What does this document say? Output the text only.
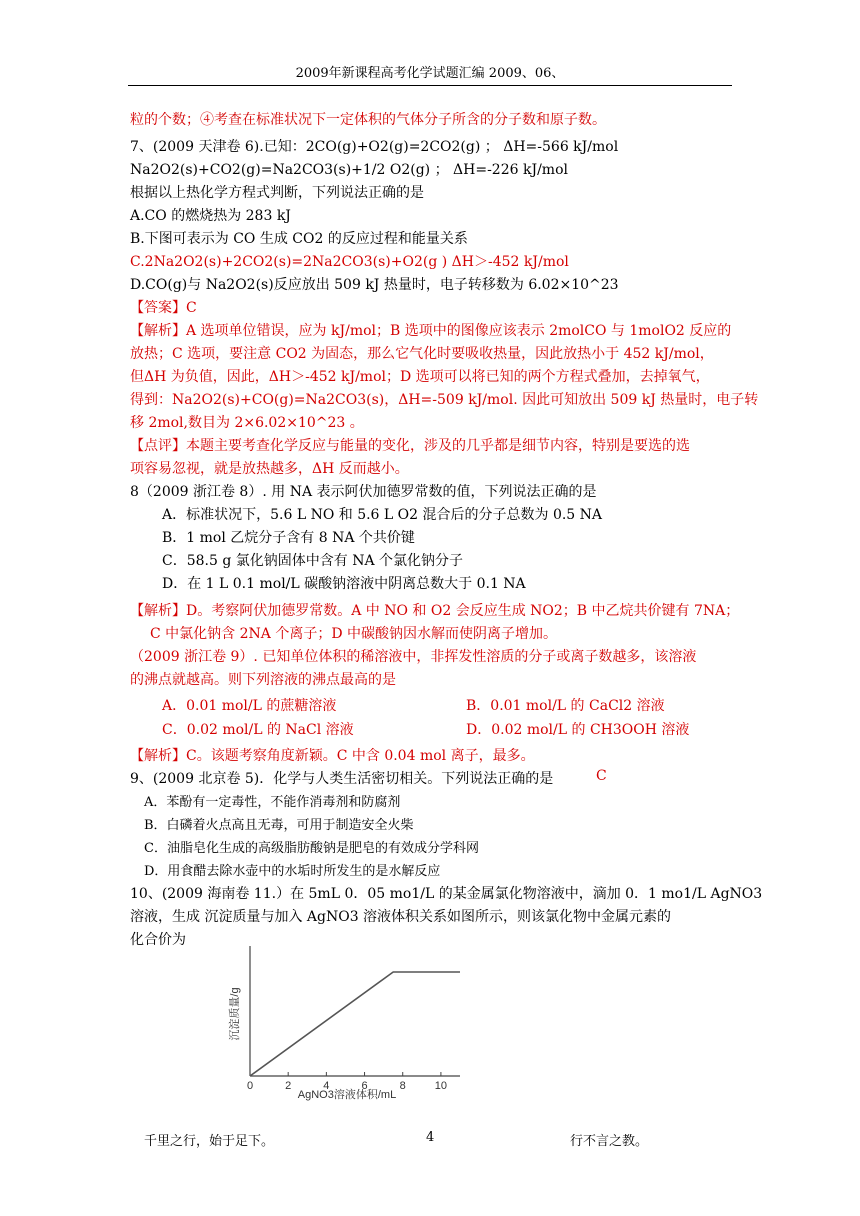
2009年新课程高考化学试题汇编 2009、06、
粒的个数；④考查在标准状况下一定体积的气体分子所含的分子数和原子数。
7、(2009 天津卷 6).已知：2CO(g)+O2(g)=2CO2(g) ； ΔH=-566 kJ/mol
Na2O2(s)+CO2(g)=Na2CO3(s)+1/2 O2(g) ； ΔH=-226 kJ/mol
根据以上热化学方程式判断，下列说法正确的是
A.CO 的燃烧热为 283 kJ
B.下图可表示为 CO 生成 CO2 的反应过程和能量关系
C.2Na2O2(s)+2CO2(s)=2Na2CO3(s)+O2(g ) ΔH＞-452 kJ/mol
D.CO(g)与 Na2O2(s)反应放出 509 kJ 热量时，电子转移数为 6.02×10^23
【答案】C
【解析】A 选项单位错误，应为 kJ/mol；B 选项中的图像应该表示 2molCO 与 1molO2 反应的
放热；C 选项，要注意 CO2 为固态，那么它气化时要吸收热量，因此放热小于 452 kJ/mol，
但ΔH 为负值，因此，ΔH＞-452 kJ/mol；D 选项可以将已知的两个方程式叠加，去掉氧气，
得到：Na2O2(s)+CO(g)=Na2CO3(s)，ΔH=-509 kJ/mol. 因此可知放出 509 kJ 热量时，电子转
移 2mol,数目为 2×6.02×10^23 。
【点评】本题主要考查化学反应与能量的变化，涉及的几乎都是细节内容，特别是要选的选
项容易忽视，就是放热越多，ΔH 反而越小。
8（2009 浙江卷 8）. 用 NA 表示阿伏加德罗常数的值，下列说法正确的是
A．标准状况下，5.6 L NO 和 5.6 L O2 混合后的分子总数为 0.5 NA
B．1 mol 乙烷分子含有 8 NA 个共价键
C．58.5 g 氯化钠固体中含有 NA 个氯化钠分子
D．在 1 L 0.1 mol/L 碳酸钠溶液中阴离总数大于 0.1 NA
【解析】D。考察阿伏加德罗常数。A 中 NO 和 O2 会反应生成 NO2；B 中乙烷共价键有 7NA；
C 中氯化钠含 2NA 个离子；D 中碳酸钠因水解而使阴离子增加。
（2009 浙江卷 9）. 已知单位体积的稀溶液中，非挥发性溶质的分子或离子数越多，该溶液
的沸点就越高。则下列溶液的沸点最高的是
A．0.01 mol/L 的蔗糖溶液	B．0.01 mol/L 的 CaCl2 溶液
C．0.02 mol/L 的 NaCl 溶液	D．0.02 mol/L 的 CH3OOH 溶液
【解析】C。该题考察角度新颖。C 中含 0.04 mol 离子，最多。
9、(2009 北京卷 5)．化学与人类生活密切相关。下列说法正确的是	C
A．苯酚有一定毒性，不能作消毒剂和防腐剂
B．白磷着火点高且无毒，可用于制造安全火柴
C．油脂皂化生成的高级脂肪酸钠是肥皂的有效成分学科网
D．用食醋去除水壶中的水垢时所发生的是水解反应
10、(2009 海南卷 11.）在 5mL 0．05 mo1/L 的某金属氯化物溶液中，滴加 0．1 mo1/L AgNO3
溶液，生成 沉淀质量与加入 AgNO3 溶液体积关系如图所示，则该氯化物中金属元素的
化合价为
0	2	4	6	8	10
AgNO3溶液体积/mL
沉淀质量/g
千里之行，始于足下。	4	行不言之教。
